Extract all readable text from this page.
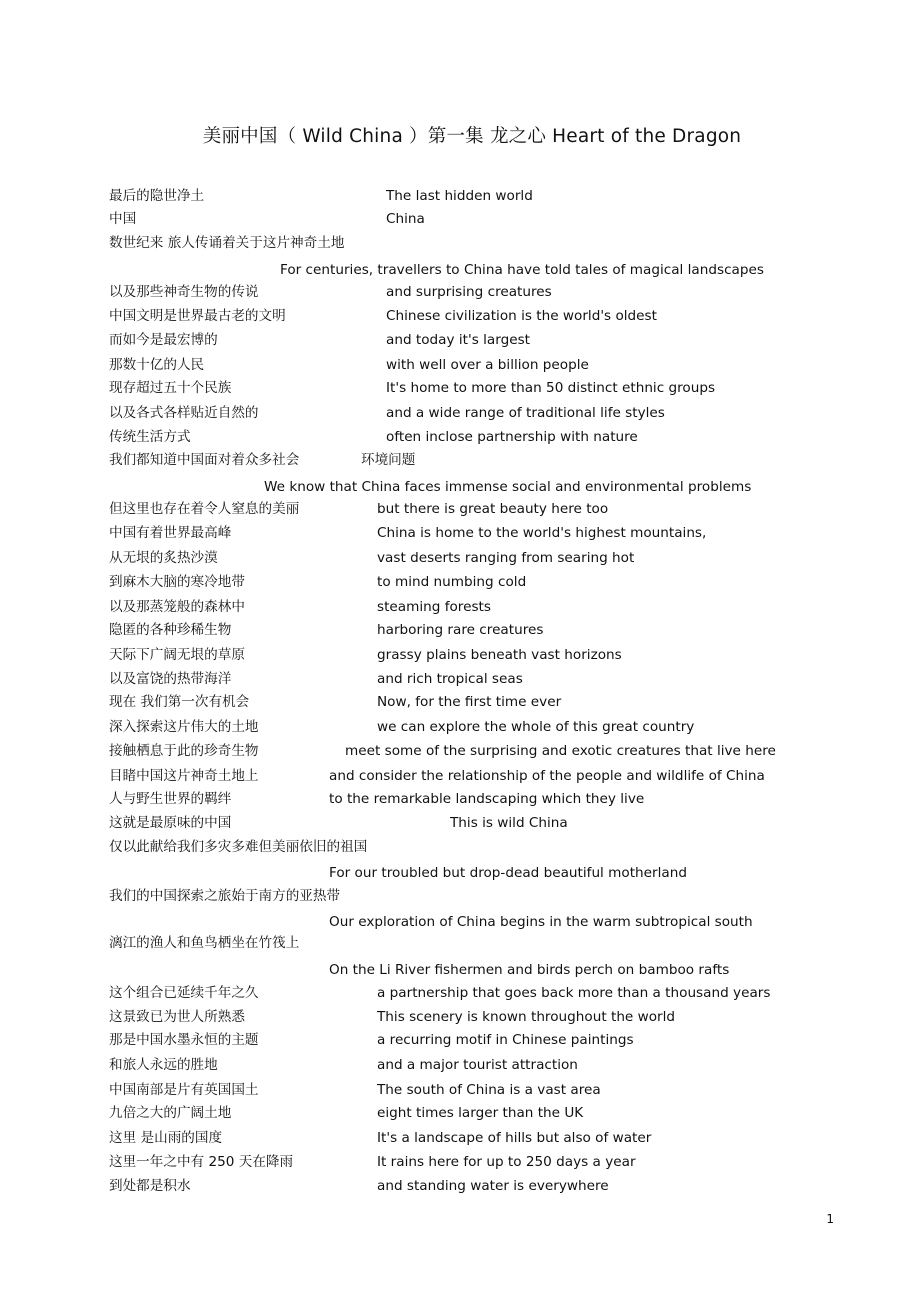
美丽中国（ Wild China ）第一集 龙之心 Heart of the Dragon
最后的隐世净土	The last hidden world
中国	China
数世纪来 旅人传诵着关于这片神奇土地
For centuries, travellers to China have told tales of magical landscapes
以及那些神奇生物的传说	and surprising creatures
中国文明是世界最古老的文明	Chinese civilization is the world's oldest
而如今是最宏博的	and today it's largest
那数十亿的人民	with well over a billion people
现存超过五十个民族	It's home to more than 50 distinct ethnic groups
以及各式各样贴近自然的	and a wide range of traditional life styles
传统生活方式	often inclose partnership with nature
我们都知道中国面对着众多社会	环境问题
We know that China faces immense social and environmental problems
但这里也存在着令人窒息的美丽	but there is great beauty here too
中国有着世界最高峰	China is home to the world's highest mountains,
从无垠的炙热沙漠	vast deserts ranging from searing hot
到麻木大脑的寒冷地带	to mind numbing cold
以及那蒸笼般的森林中	steaming forests
隐匿的各种珍稀生物	harboring rare creatures
天际下广阔无垠的草原	grassy plains beneath vast horizons
以及富饶的热带海洋	and rich tropical seas
现在 我们第一次有机会	Now, for the first time ever
深入探索这片伟大的土地	we can explore the whole of this great country
接触栖息于此的珍奇生物	meet some of the surprising and exotic creatures that live here
目睹中国这片神奇土地上	and consider the relationship of the people and wildlife of China
人与野生世界的羁绊	to the remarkable landscaping which they live
这就是最原味的中国	This is wild China
仅以此献给我们多灾多难但美丽依旧的祖国
For our troubled but drop-dead beautiful motherland
我们的中国探索之旅始于南方的亚热带
Our exploration of China begins in the warm subtropical south
漓江的渔人和鱼鸟栖坐在竹筏上
On the Li River fishermen and birds perch on bamboo rafts
这个组合已延续千年之久	a partnership that goes back more than a thousand years
这景致已为世人所熟悉	This scenery is known throughout the world
那是中国水墨永恒的主题	a recurring motif in Chinese paintings
和旅人永远的胜地	and a major tourist attraction
中国南部是片有英国国土	The south of China is a vast area
九倍之大的广阔土地	eight times larger than the UK
这里 是山雨的国度	It's a landscape of hills but also of water
这里一年之中有 250 天在降雨	It rains here for up to 250 days a year
到处都是积水	and standing water is everywhere
1
